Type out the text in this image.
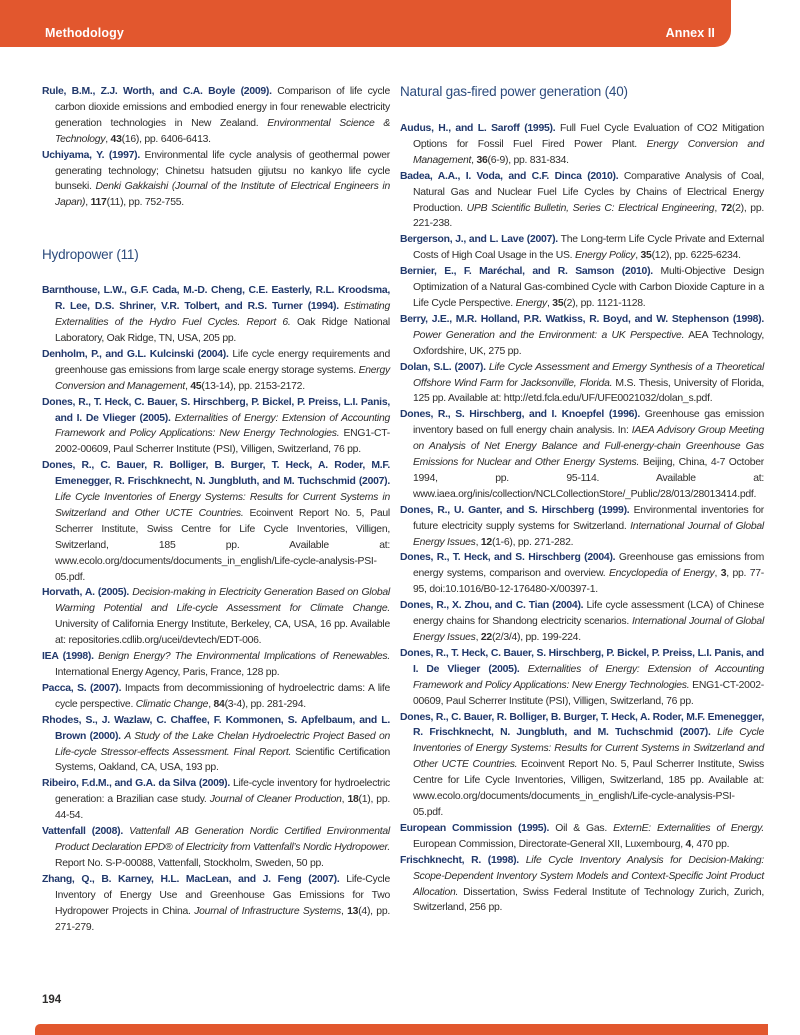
Methodology	Annex II

Rule, B.M., Z.J. Worth, and C.A. Boyle (2009). Comparison of life cycle carbon dioxide emissions and embodied energy in four renewable electricity generation technologies in New Zealand. Environmental Science & Technology, 43(16), pp. 6406-6413.

Uchiyama, Y. (1997). Environmental life cycle analysis of geothermal power generating technology; Chinetsu hatsuden gijutsu no kankyo life cycle bunseki. Denki Gakkaishi (Journal of the Institute of Electrical Engineers in Japan), 117(11), pp. 752-755.

Hydropower (11)

Barnthouse, L.W., G.F. Cada, M.-D. Cheng, C.E. Easterly, R.L. Kroodsma, R. Lee, D.S. Shriner, V.R. Tolbert, and R.S. Turner (1994). Estimating Externalities of the Hydro Fuel Cycles. Report 6. Oak Ridge National Laboratory, Oak Ridge, TN, USA, 205 pp.

Denholm, P., and G.L. Kulcinski (2004). Life cycle energy requirements and greenhouse gas emissions from large scale energy storage systems. Energy Conversion and Management, 45(13-14), pp. 2153-2172.

Dones, R., T. Heck, C. Bauer, S. Hirschberg, P. Bickel, P. Preiss, L.I. Panis, and I. De Vlieger (2005). Externalities of Energy: Extension of Accounting Framework and Policy Applications: New Energy Technologies. ENG1-CT-2002-00609, Paul Scherrer Institute (PSI), Villigen, Switzerland, 76 pp.

Dones, R., C. Bauer, R. Bolliger, B. Burger, T. Heck, A. Roder, M.F. Emenegger, R. Frischknecht, N. Jungbluth, and M. Tuchschmid (2007). Life Cycle Inventories of Energy Systems: Results for Current Systems in Switzerland and Other UCTE Countries. Ecoinvent Report No. 5, Paul Scherrer Institute, Swiss Centre for Life Cycle Inventories, Villigen, Switzerland, 185 pp. Available at: www.ecolo.org/documents/documents_in_english/Life-cycle-analysis-PSI-05.pdf.

Horvath, A. (2005). Decision-making in Electricity Generation Based on Global Warming Potential and Life-cycle Assessment for Climate Change. University of California Energy Institute, Berkeley, CA, USA, 16 pp. Available at: repositories.cdlib.org/ucei/devtech/EDT-006.

IEA (1998). Benign Energy? The Environmental Implications of Renewables. International Energy Agency, Paris, France, 128 pp.

Pacca, S. (2007). Impacts from decommissioning of hydroelectric dams: A life cycle perspective. Climatic Change, 84(3-4), pp. 281-294.

Rhodes, S., J. Wazlaw, C. Chaffee, F. Kommonen, S. Apfelbaum, and L. Brown (2000). A Study of the Lake Chelan Hydroelectric Project Based on Life-cycle Stressor-effects Assessment. Final Report. Scientific Certification Systems, Oakland, CA, USA, 193 pp.

Ribeiro, F.d.M., and G.A. da Silva (2009). Life-cycle inventory for hydroelectric generation: a Brazilian case study. Journal of Cleaner Production, 18(1), pp. 44-54.

Vattenfall (2008). Vattenfall AB Generation Nordic Certified Environmental Product Declaration EPD® of Electricity from Vattenfall’s Nordic Hydropower. Report No. S-P-00088, Vattenfall, Stockholm, Sweden, 50 pp.

Zhang, Q., B. Karney, H.L. MacLean, and J. Feng (2007). Life-Cycle Inventory of Energy Use and Greenhouse Gas Emissions for Two Hydropower Projects in China. Journal of Infrastructure Systems, 13(4), pp. 271-279.

Natural gas-fired power generation (40)

Audus, H., and L. Saroff (1995). Full Fuel Cycle Evaluation of CO2 Mitigation Options for Fossil Fuel Fired Power Plant. Energy Conversion and Management, 36(6-9), pp. 831-834.

Badea, A.A., I. Voda, and C.F. Dinca (2010). Comparative Analysis of Coal, Natural Gas and Nuclear Fuel Life Cycles by Chains of Electrical Energy Production. UPB Scientific Bulletin, Series C: Electrical Engineering, 72(2), pp. 221-238.

Bergerson, J., and L. Lave (2007). The Long-term Life Cycle Private and External Costs of High Coal Usage in the US. Energy Policy, 35(12), pp. 6225-6234.

Bernier, E., F. Maréchal, and R. Samson (2010). Multi-Objective Design Optimization of a Natural Gas-combined Cycle with Carbon Dioxide Capture in a Life Cycle Perspective. Energy, 35(2), pp. 1121-1128.

Berry, J.E., M.R. Holland, P.R. Watkiss, R. Boyd, and W. Stephenson (1998). Power Generation and the Environment: a UK Perspective. AEA Technology, Oxfordshire, UK, 275 pp.

Dolan, S.L. (2007). Life Cycle Assessment and Emergy Synthesis of a Theoretical Offshore Wind Farm for Jacksonville, Florida. M.S. Thesis, University of Florida, 125 pp. Available at: http://etd.fcla.edu/UF/UFE0021032/dolan_s.pdf.

Dones, R., S. Hirschberg, and I. Knoepfel (1996). Greenhouse gas emission inventory based on full energy chain analysis. In: IAEA Advisory Group Meeting on Analysis of Net Energy Balance and Full-energy-chain Greenhouse Gas Emissions for Nuclear and Other Energy Systems. Beijing, China, 4-7 October 1994, pp. 95-114. Available at: www.iaea.org/inis/collection/NCLCollectionStore/_Public/28/013/28013414.pdf.

Dones, R., U. Ganter, and S. Hirschberg (1999). Environmental inventories for future electricity supply systems for Switzerland. International Journal of Global Energy Issues, 12(1-6), pp. 271-282.

Dones, R., T. Heck, and S. Hirschberg (2004). Greenhouse gas emissions from energy systems, comparison and overview. Encyclopedia of Energy, 3, pp. 77-95, doi:10.1016/B0-12-176480-X/00397-1.

Dones, R., X. Zhou, and C. Tian (2004). Life cycle assessment (LCA) of Chinese energy chains for Shandong electricity scenarios. International Journal of Global Energy Issues, 22(2/3/4), pp. 199-224.

Dones, R., T. Heck, C. Bauer, S. Hirschberg, P. Bickel, P. Preiss, L.I. Panis, and I. De Vlieger (2005). Externalities of Energy: Extension of Accounting Framework and Policy Applications: New Energy Technologies. ENG1-CT-2002-00609, Paul Scherrer Institute (PSI), Villigen, Switzerland, 76 pp.

Dones, R., C. Bauer, R. Bolliger, B. Burger, T. Heck, A. Roder, M.F. Emenegger, R. Frischknecht, N. Jungbluth, and M. Tuchschmid (2007). Life Cycle Inventories of Energy Systems: Results for Current Systems in Switzerland and Other UCTE Countries. Ecoinvent Report No. 5, Paul Scherrer Institute, Swiss Centre for Life Cycle Inventories, Villigen, Switzerland, 185 pp. Available at: www.ecolo.org/documents/documents_in_english/Life-cycle-analysis-PSI-05.pdf.

European Commission (1995). Oil & Gas. ExternE: Externalities of Energy. European Commission, Directorate-General XII, Luxembourg, 4, 470 pp.

Frischknecht, R. (1998). Life Cycle Inventory Analysis for Decision-Making: Scope-Dependent Inventory System Models and Context-Specific Joint Product Allocation. Dissertation, Swiss Federal Institute of Technology Zurich, Zurich, Switzerland, 256 pp.

194
